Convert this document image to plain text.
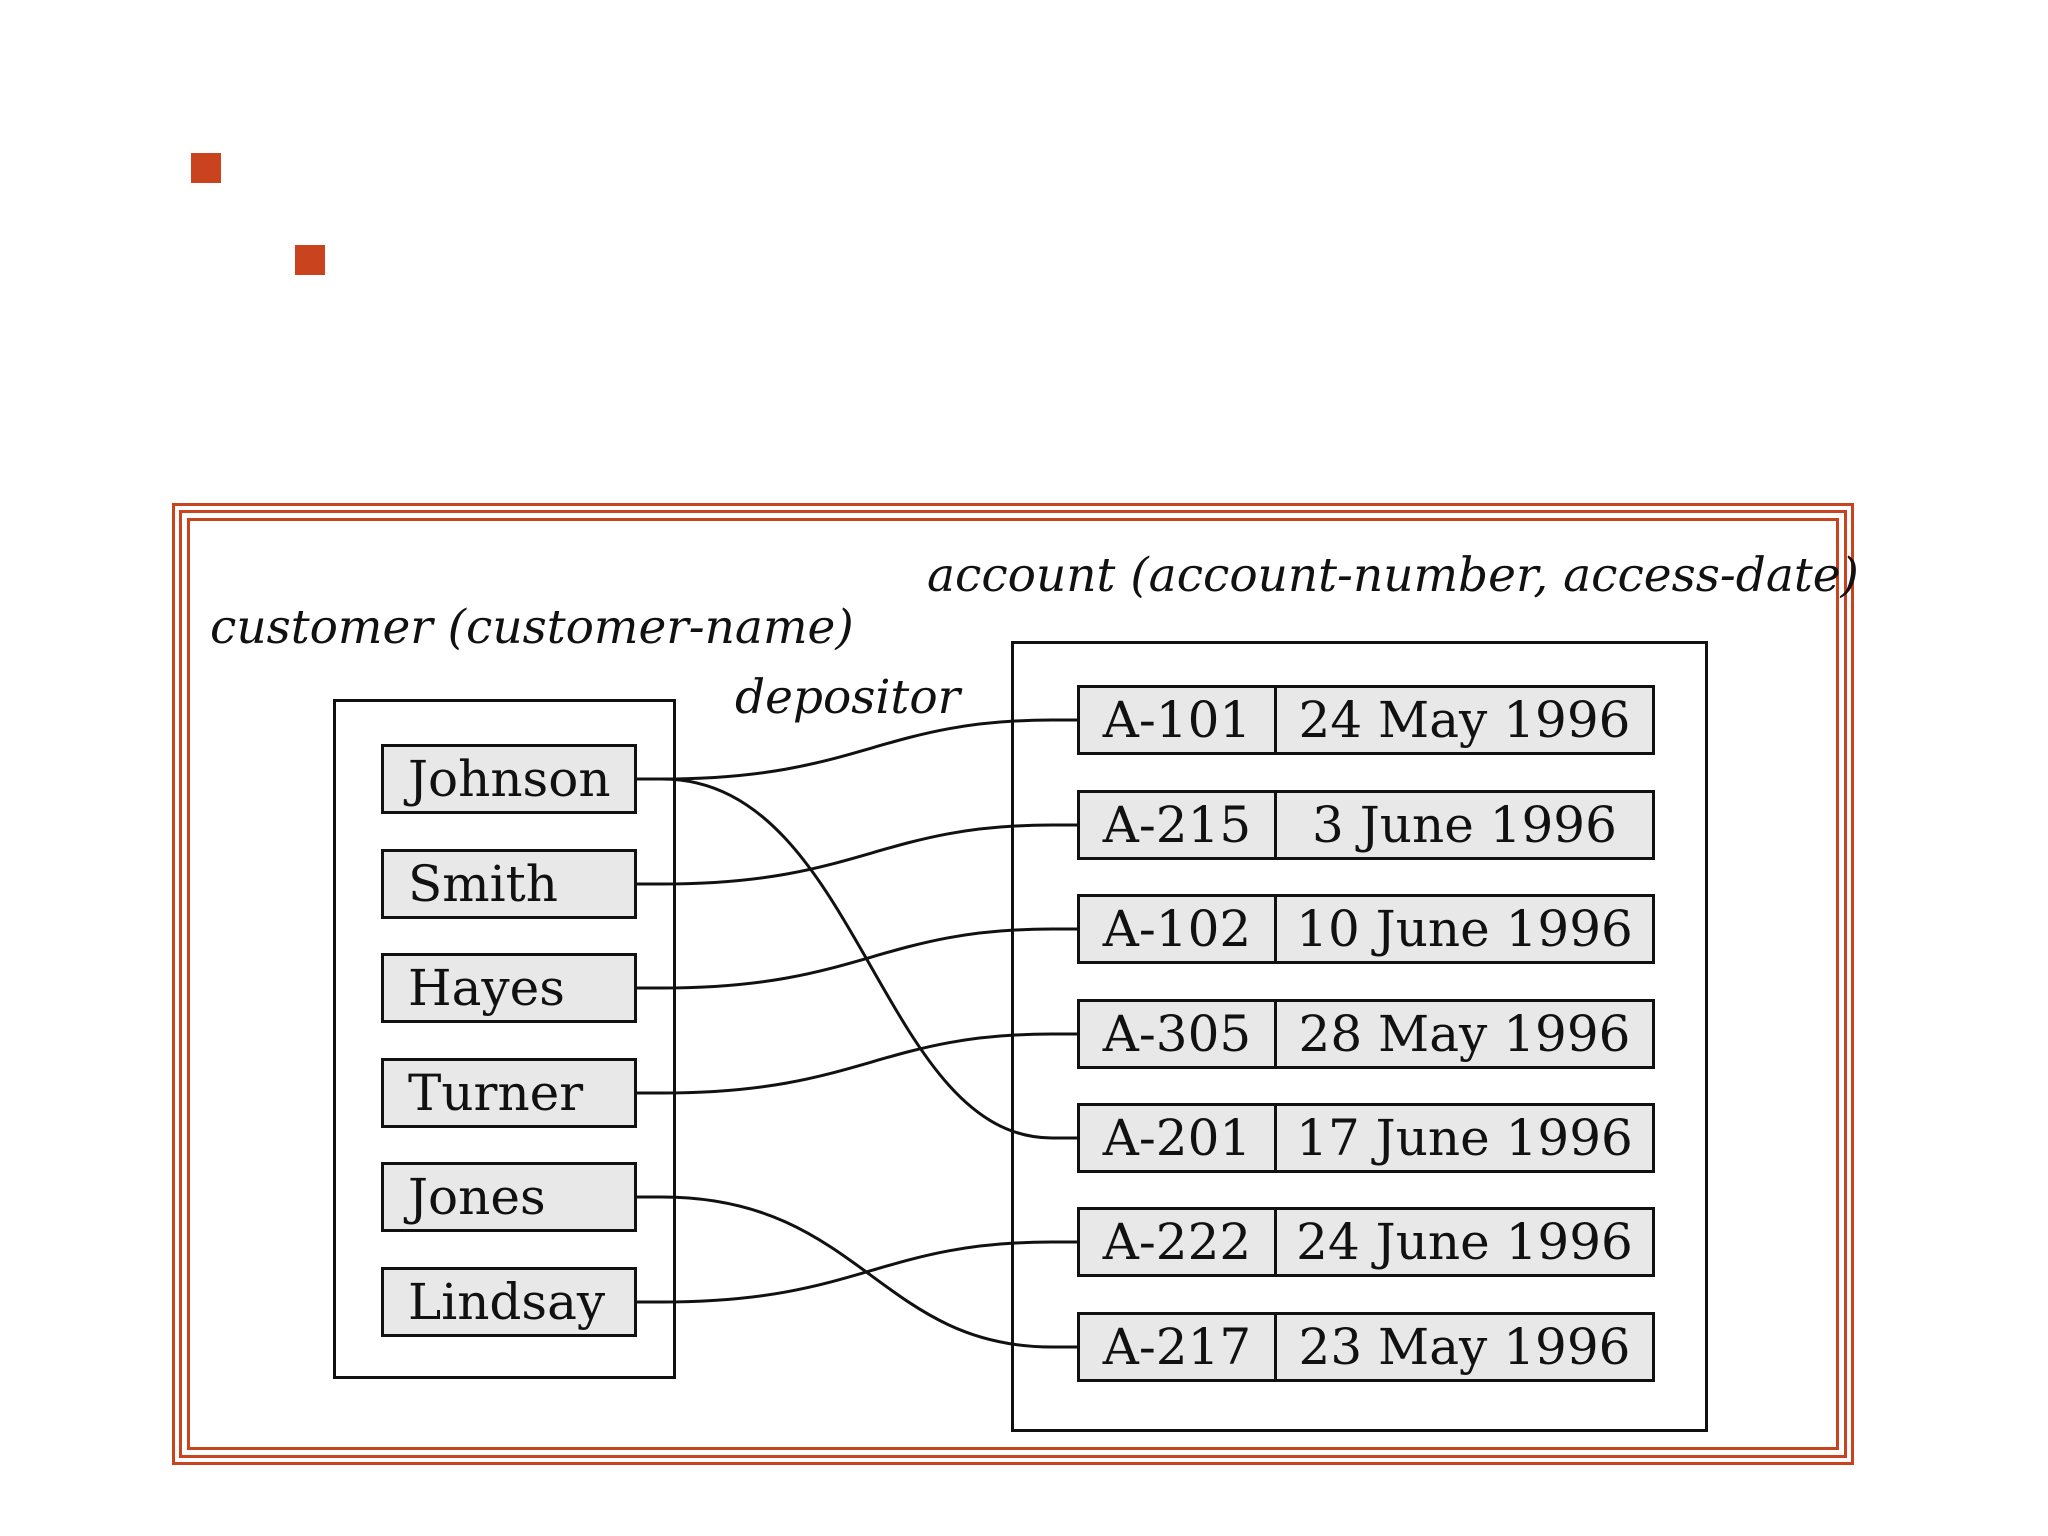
customer (customer-name)
account (account-number, access-date)
depositor
Johnson
Smith
Hayes
Turner
Jones
Lindsay
A-101 24 May 1996
A-215	3 June 1996
A-102 10 June 1996
A-305 28 May 1996
A-201 17 June 1996
A-222 24 June 1996
A-217 23 May 1996
